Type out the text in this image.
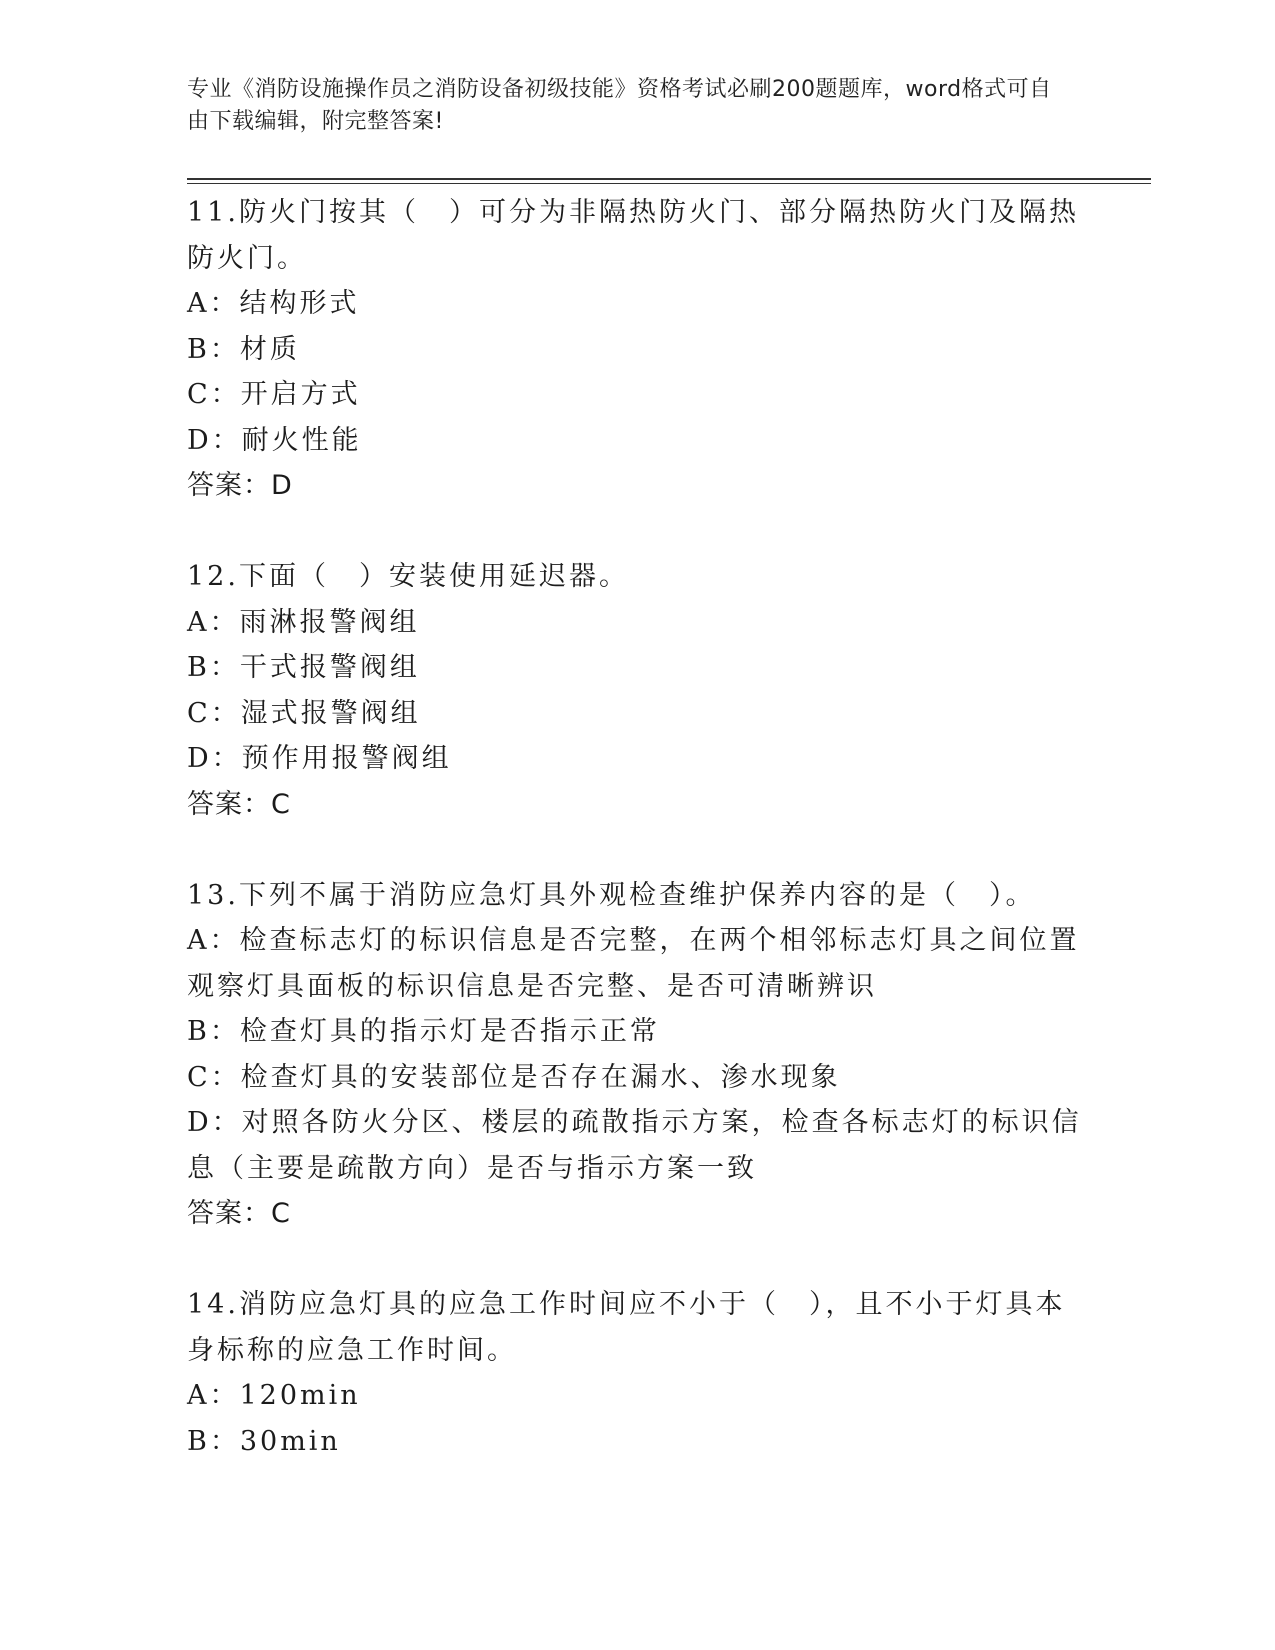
专业《消防设施操作员之消防设备初级技能》资格考试必刷200题题库，word格式可自由下载编辑，附完整答案!

11.防火门按其（　）可分为非隔热防火门、部分隔热防火门及隔热防火门。

A：结构形式

B：材质

C：开启方式

D：耐火性能

答案：D

12.下面（　）安装使用延迟器。

A：雨淋报警阀组

B：干式报警阀组

C：湿式报警阀组

D：预作用报警阀组

答案：C

13.下列不属于消防应急灯具外观检查维护保养内容的是（　）。

A：检查标志灯的标识信息是否完整，在两个相邻标志灯具之间位置观察灯具面板的标识信息是否完整、是否可清晰辨识

B：检查灯具的指示灯是否指示正常

C：检查灯具的安装部位是否存在漏水、渗水现象

D：对照各防火分区、楼层的疏散指示方案，检查各标志灯的标识信息（主要是疏散方向）是否与指示方案一致

答案：C

14.消防应急灯具的应急工作时间应不小于（　），且不小于灯具本身标称的应急工作时间。

A：120min

B：30min
